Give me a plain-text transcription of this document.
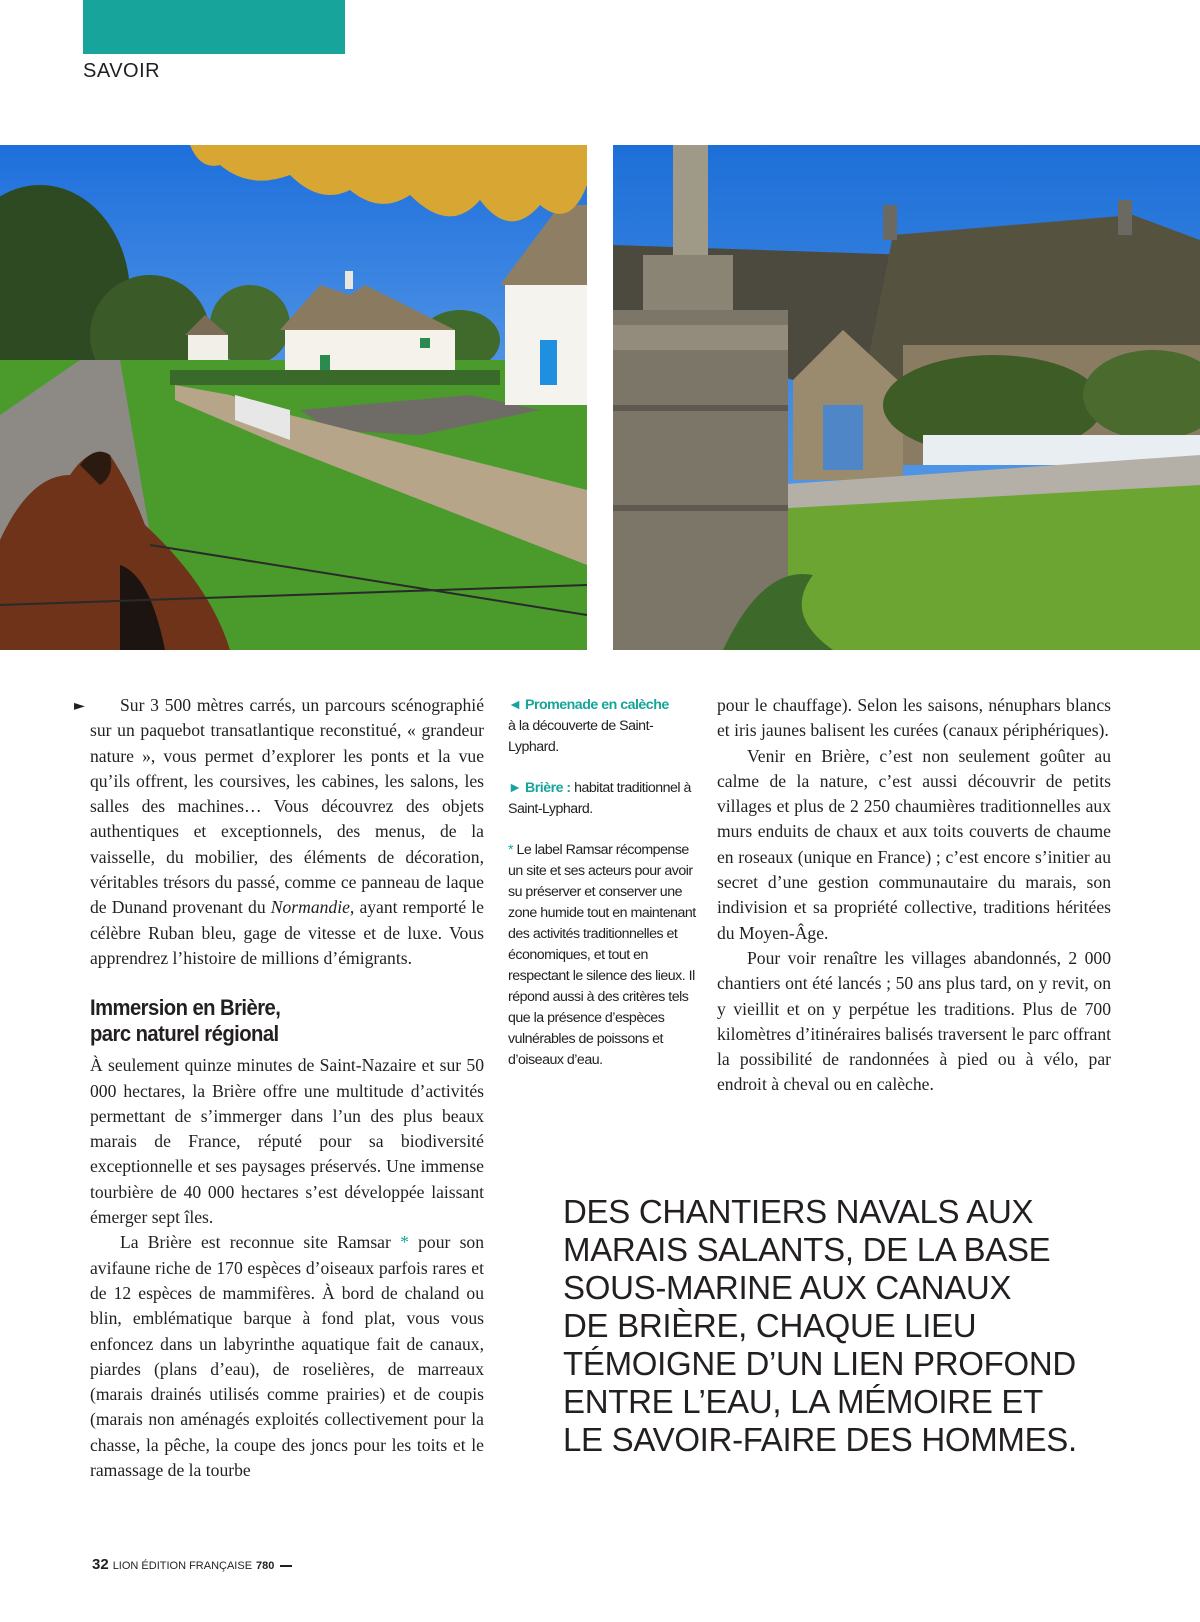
SAVOIR
►	Sur 3 500 mètres carrés, un parcours scénographié sur un paquebot transatlantique reconstitué, « grandeur nature », vous permet d’explorer les ponts et la vue qu’ils offrent, les coursives, les cabines, les salons, les salles des machines… Vous découvrez des objets authentiques et exceptionnels, des menus, de la vaisselle, du mobilier, des éléments de décoration, véritables trésors du passé, comme ce panneau de laque de Dunand provenant du Normandie, ayant remporté le célèbre Ruban bleu, gage de vitesse et de luxe. Vous apprendrez l’histoire de millions d’émigrants.

Immersion en Brière,
parc naturel régional

À seulement quinze minutes de Saint-Nazaire et sur 50 000 hectares, la Brière offre une multitude d’activités permettant de s’immerger dans l’un des plus beaux marais de France, réputé pour sa biodiversité exceptionnelle et ses paysages préservés. Une immense tourbière de 40 000 hectares s’est développée laissant émerger sept îles.

La Brière est reconnue site Ramsar * pour son avifaune riche de 170 espèces d’oiseaux parfois rares et de 12 espèces de mammifères. À bord de chaland ou blin, emblématique barque à fond plat, vous vous enfoncez dans un labyrinthe aquatique fait de canaux, piardes (plans d’eau), de roselières, de marreaux (marais drainés utilisés comme prairies) et de coupis (marais non aménagés exploités collectivement pour la chasse, la pêche, la coupe des joncs pour les toits et le ramassage de la tourbe

◄ Promenade en calèche
à la découverte de Saint-Lyphard.
► Brière : habitat traditionnel à Saint-Lyphard.
* Le label Ramsar récompense un site et ses acteurs pour avoir su préserver et conserver une zone humide tout en maintenant des activités traditionnelles et économiques, et tout en respectant le silence des lieux. Il répond aussi à des critères tels que la présence d’espèces vulnérables de poissons et d’oiseaux d’eau.

pour le chauffage). Selon les saisons, nénuphars blancs et iris jaunes balisent les curées (canaux périphériques).

Venir en Brière, c’est non seulement goûter au calme de la nature, c’est aussi découvrir de petits villages et plus de 2 250 chaumières traditionnelles aux murs enduits de chaux et aux toits couverts de chaume en roseaux (unique en France) ; c’est encore s’initier au secret d’une gestion communautaire du marais, son indivision et sa propriété collective, traditions héritées du Moyen-Âge.

Pour voir renaître les villages abandonnés, 2 000 chantiers ont été lancés ; 50 ans plus tard, on y revit, on y vieillit et on y perpétue les traditions. Plus de 700 kilomètres d’itinéraires balisés traversent le parc offrant la possibilité de randonnées à pied ou à vélo, par endroit à cheval ou en calèche.

DES CHANTIERS NAVALS AUX
MARAIS SALANTS, DE LA BASE
SOUS-MARINE AUX CANAUX
DE BRIÈRE, CHAQUE LIEU
TÉMOIGNE D’UN LIEN PROFOND
ENTRE L’EAU, LA MÉMOIRE ET
LE SAVOIR-FAIRE DES HOMMES.
32 LION ÉDITION FRANÇAISE 780
